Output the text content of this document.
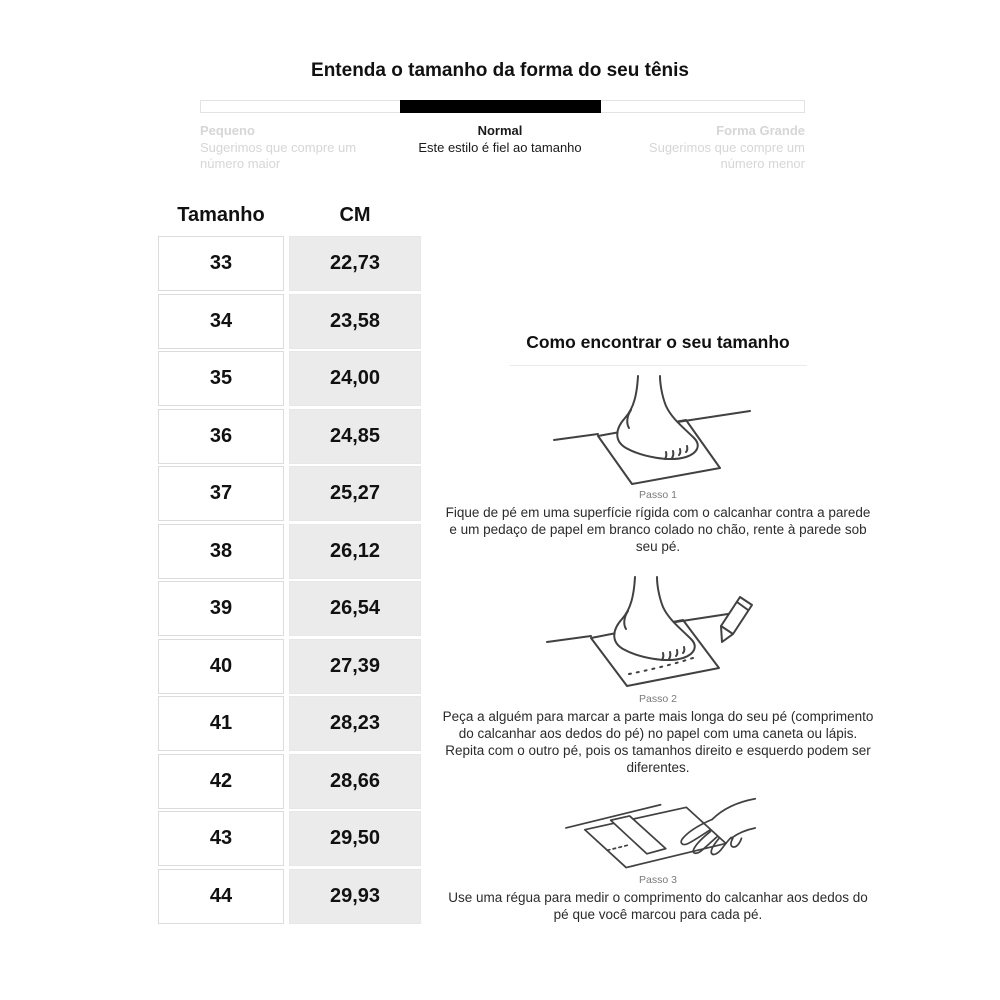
Entenda o tamanho da forma do seu tênis
Pequeno
Sugerimos que compre um número maior
Normal
Este estilo é fiel ao tamanho
Forma Grande
Sugerimos que compre um número menor
Tamanho	CM
33	22,73
34	23,58
35	24,00
36	24,85
37	25,27
38	26,12
39	26,54
40	27,39
41	28,23
42	28,66
43	29,50
44	29,93
Como encontrar o seu tamanho
Passo 1

Fique de pé em uma superfície rígida com o calcanhar contra a parede e um pedaço de papel em branco colado no chão, rente à parede sob seu pé.

Passo 2

Peça a alguém para marcar a parte mais longa do seu pé (comprimento do calcanhar aos dedos do pé) no papel com uma caneta ou lápis. Repita com o outro pé, pois os tamanhos direito e esquerdo podem ser diferentes.

Passo 3

Use uma régua para medir o comprimento do calcanhar aos dedos do pé que você marcou para cada pé.
